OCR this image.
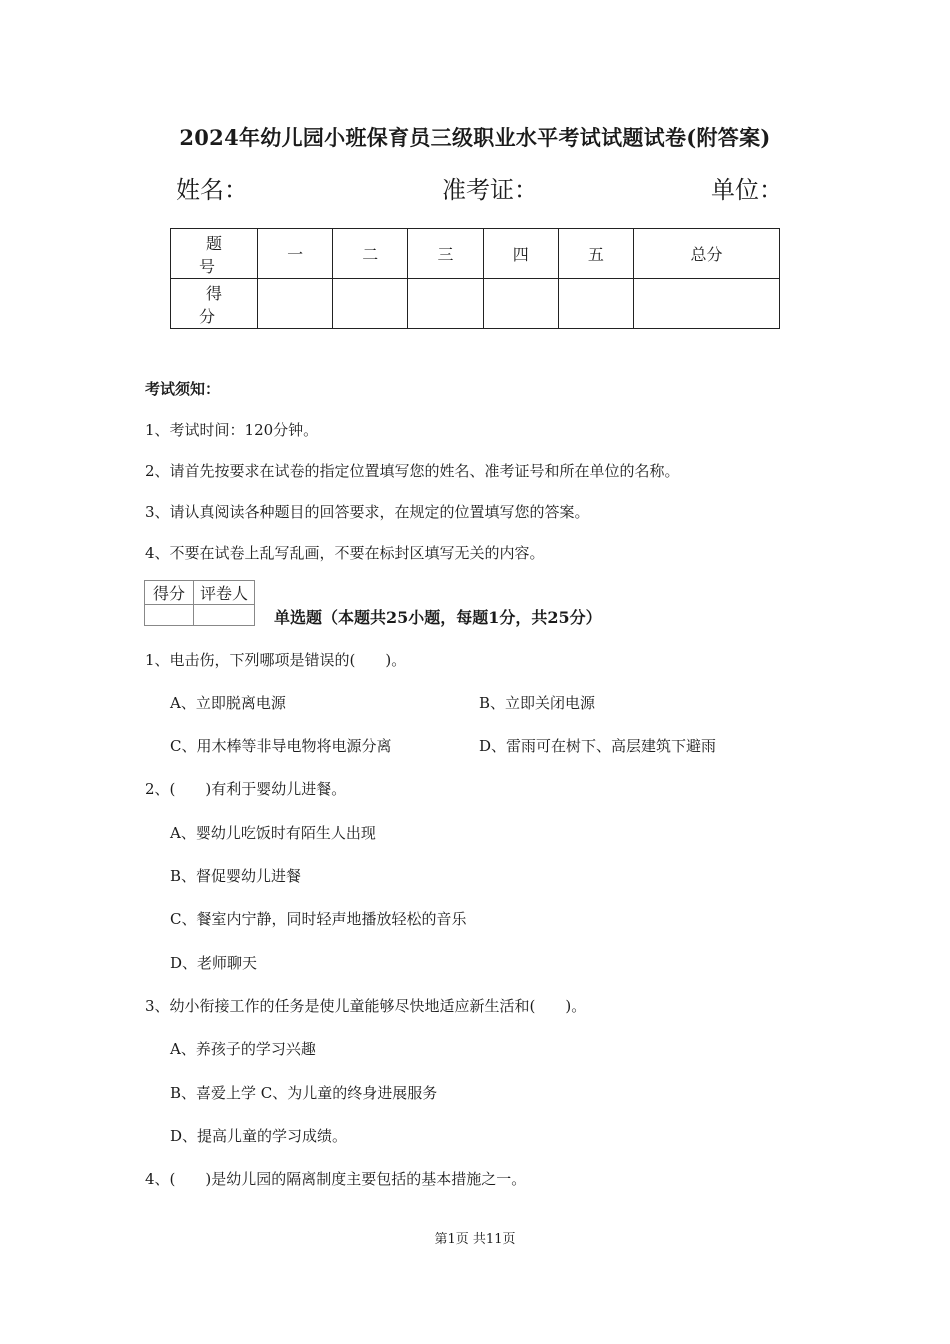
2024年幼儿园小班保育员三级职业水平考试试题试卷(附答案)
姓名：	准考证：	单位：
题 号	一	二	三	四	五	总分
得 分						
考试须知：
1、考试时间：120分钟。
2、请首先按要求在试卷的指定位置填写您的姓名、准考证号和所在单位的名称。
3、请认真阅读各种题目的回答要求，在规定的位置填写您的答案。
4、不要在试卷上乱写乱画，不要在标封区填写无关的内容。
得分	评卷人

单选题（本题共25小题，每题1分，共25分）
1、电击伤，下列哪项是错误的(　　)。
A、立即脱离电源	B、立即关闭电源
C、用木棒等非导电物将电源分离	D、雷雨可在树下、高层建筑下避雨
2、(　　)有利于婴幼儿进餐。
A、婴幼儿吃饭时有陌生人出现
B、督促婴幼儿进餐
C、餐室内宁静，同时轻声地播放轻松的音乐
D、老师聊天
3、幼小衔接工作的任务是使儿童能够尽快地适应新生活和(　　)。
A、养孩子的学习兴趣
B、喜爱上学 C、为儿童的终身进展服务
D、提高儿童的学习成绩。
4、(　　)是幼儿园的隔离制度主要包括的基本措施之一。
第1页 共11页
